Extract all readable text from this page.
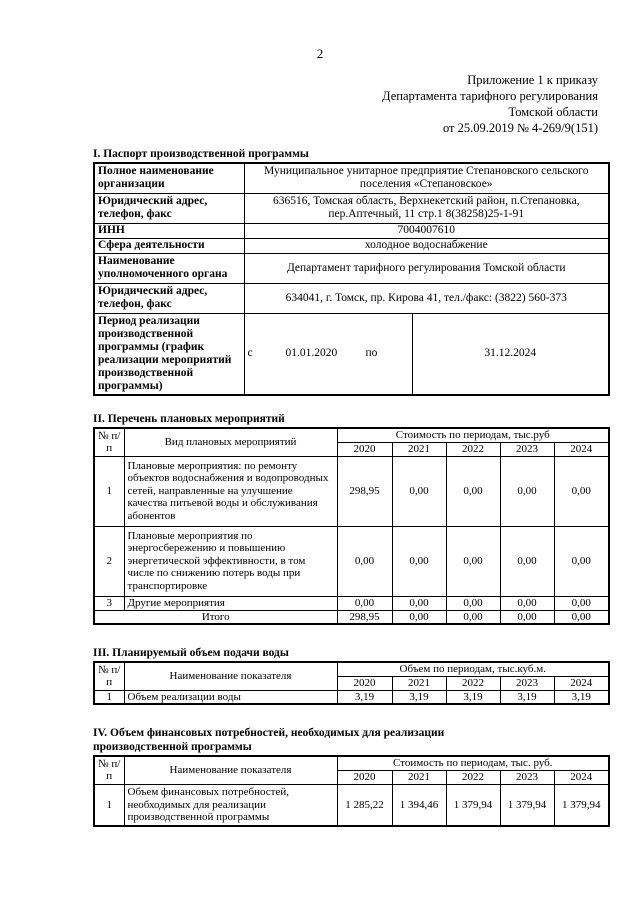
2
Приложение 1 к приказу
Департамента тарифного регулирования
Томской области
от 25.09.2019 № 4-269/9(151)
I. Паспорт производственной программы
Полное наименование организации	Муниципальное унитарное предприятие Степановского сельского поселения «Степановское»	
Юридический адрес, телефон, факс	636516, Томская область, Верхнекетский район, п.Степановка, пер.Аптечный, 11 стр.1 8(38258)25-1-91	
ИНН	7004007610	
Сфера деятельности	холодное водоснабжение	
Наименование уполномоченного органа	Департамент тарифного регулирования Томской области	
Юридический адрес, телефон, факс	634041, г. Томск, пр. Кирова 41, тел./факс: (3822) 560-373	
Период реализации производственной программы (график реализации мероприятий производственной программы)	с 01.01.2020 по	31.12.2024
II. Перечень плановых мероприятий
№ п/п	Вид плановых мероприятий	Стоимость по периодам, тыс.руб				
		2020	2021	2022	2023	2024
1	Плановые мероприятия: по ремонту объектов водоснабжения и водопроводных сетей, направленные на улучшение качества питьевой воды и обслуживания абонентов	298,95	0,00	0,00	0,00	0,00
2	Плановые мероприятия по энергосбережению и повышению энергетической эффективности, в том числе по снижению потерь воды при транспортировке	0,00	0,00	0,00	0,00	0,00
3	Другие мероприятия	0,00	0,00	0,00	0,00	0,00
Итого		298,95	0,00	0,00	0,00	0,00
III. Планируемый объем подачи воды
№ п/п	Наименование показателя	Объем по периодам, тыс.куб.м.				
		2020	2021	2022	2023	2024
1	Объем реализации воды	3,19	3,19	3,19	3,19	3,19
IV. Объем финансовых потребностей, необходимых для реализации
производственной программы
№ п/п	Наименование показателя	Стоимость по периодам, тыс. руб.				
		2020	2021	2022	2023	2024
1	Объем финансовых потребностей, необходимых для реализации производственной программы	1 285,22	1 394,46	1 379,94	1 379,94	1 379,94
